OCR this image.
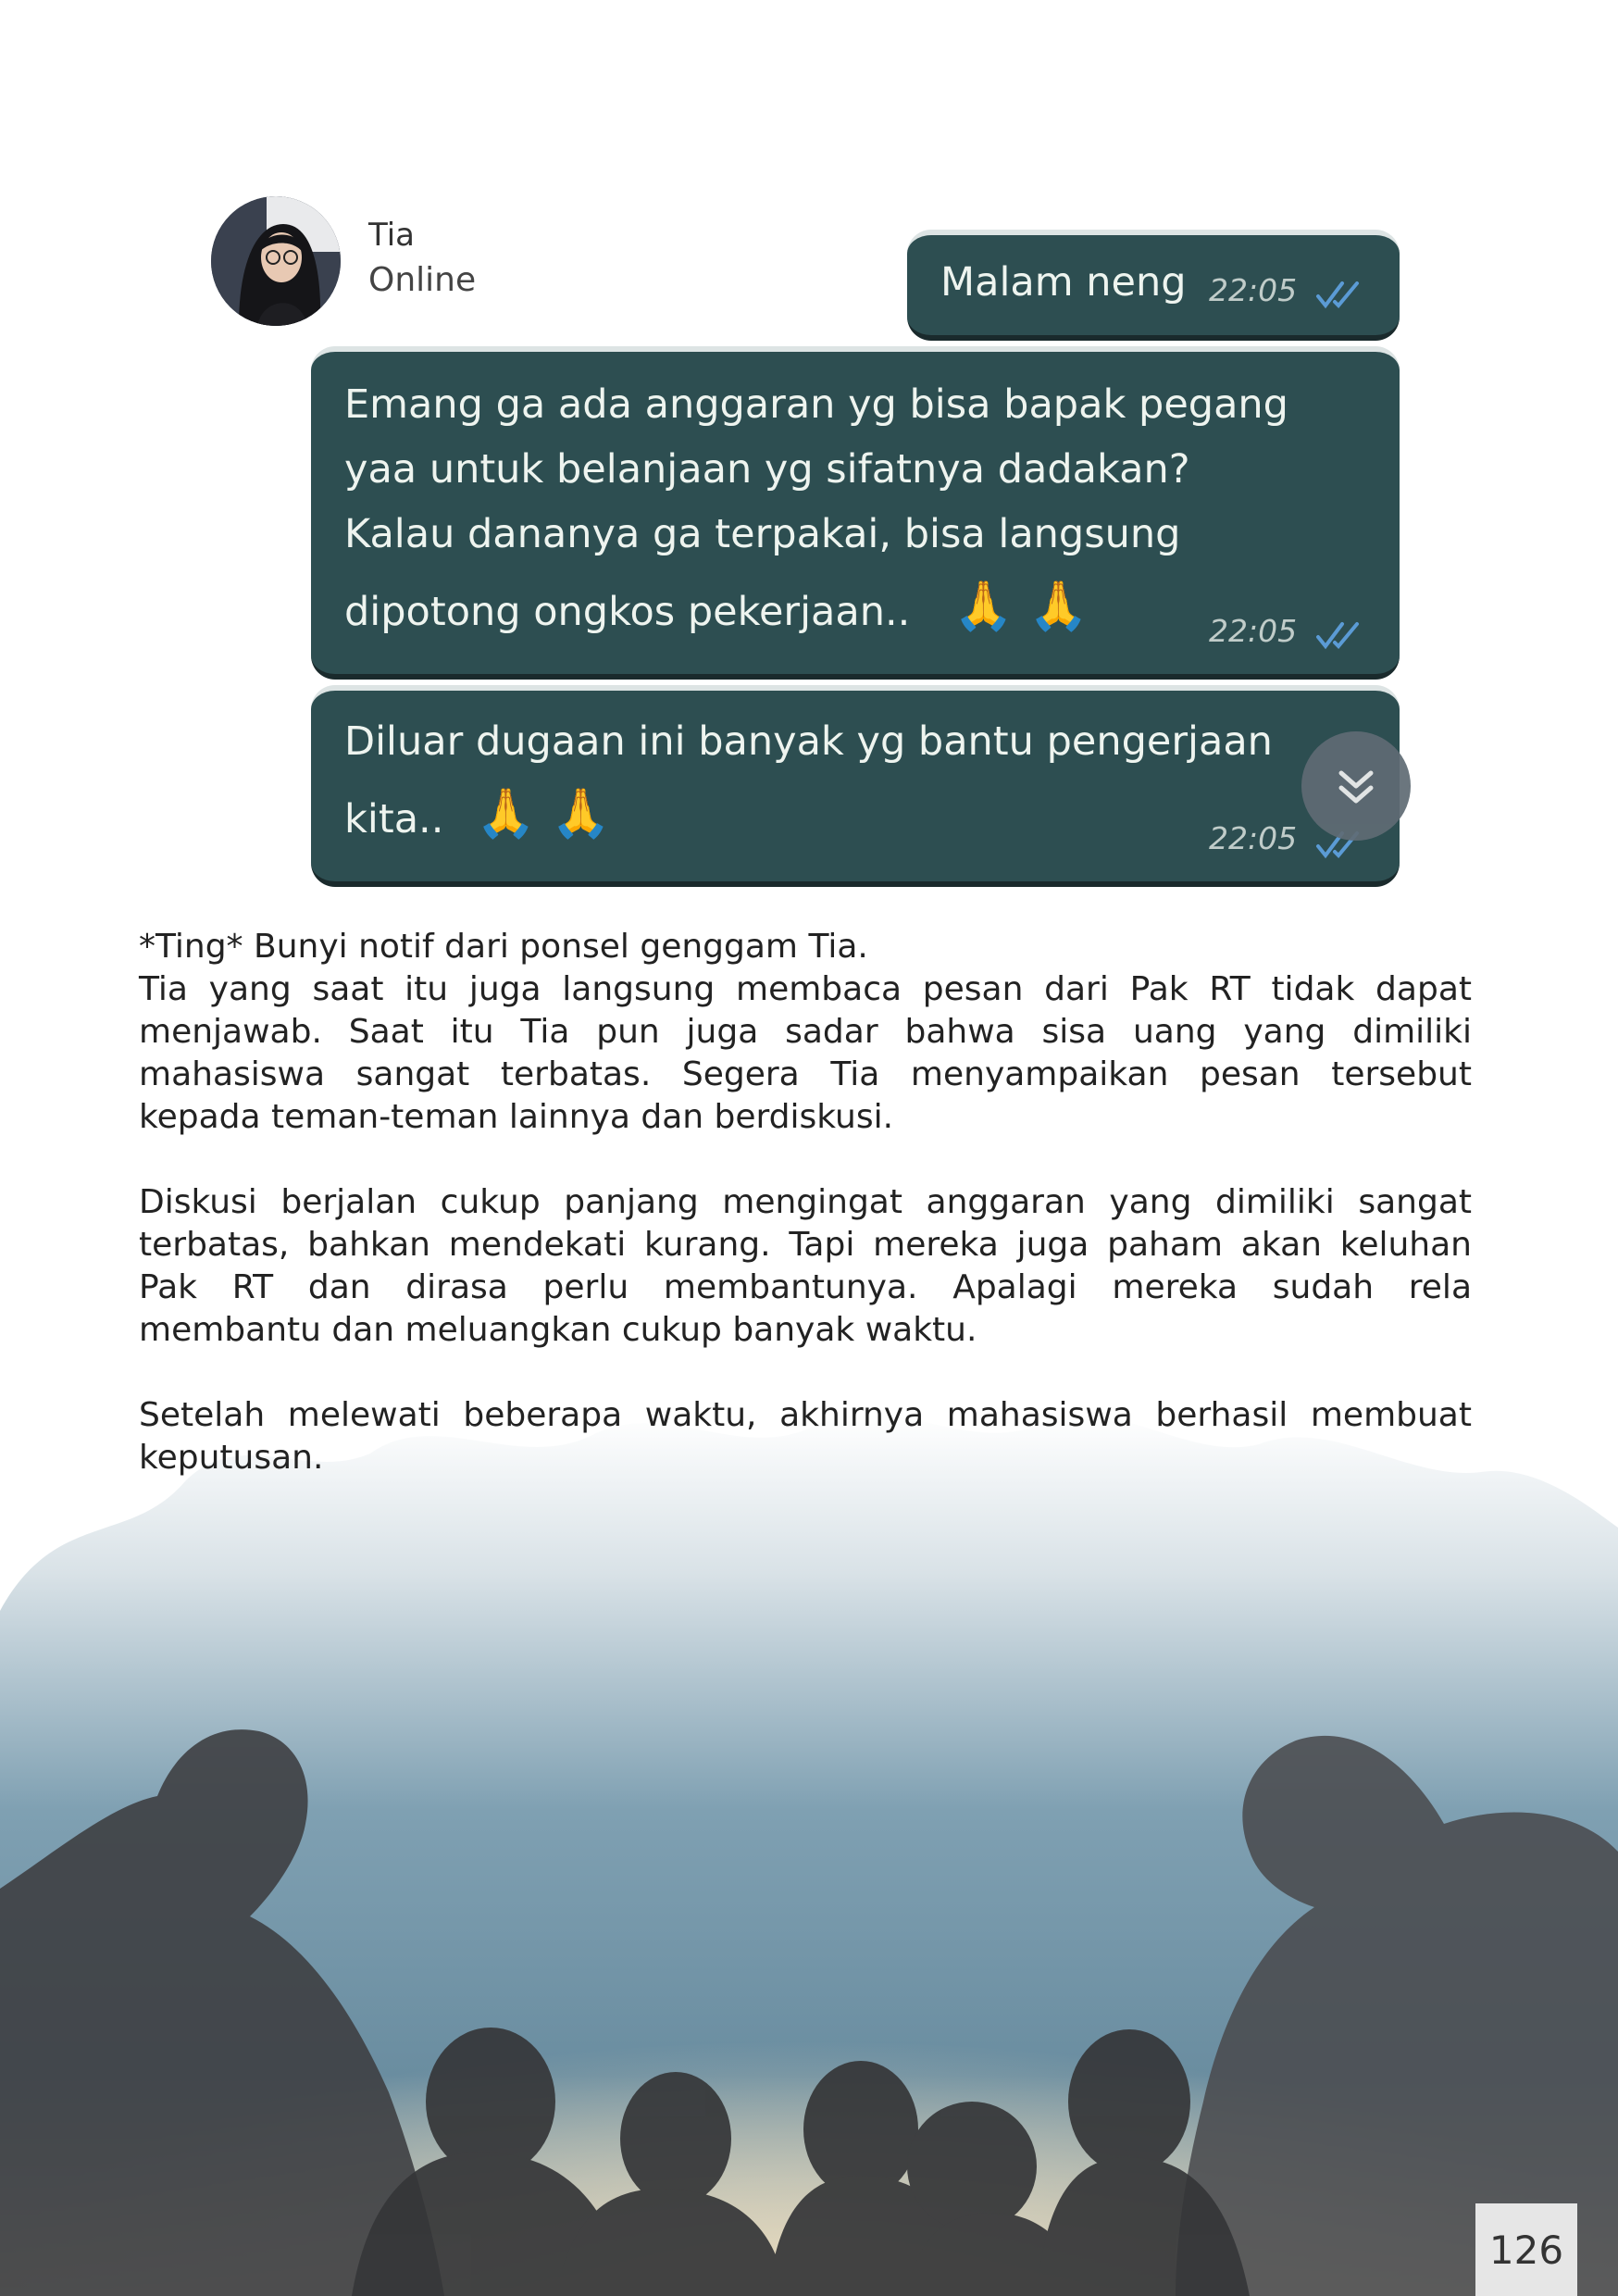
Tia
Online	Malam neng 22:05
Emang ga ada anggaran yg bisa bapak pegang
yaa untuk belanjaan yg sifatnya dadakan?
Kalau dananya ga terpakai, bisa langsung
dipotong ongkos pekerjaan.. 🙏 🙏	22:05
Diluar dugaan ini banyak yg bantu pengerjaan
kita.. 🙏 🙏	22:05
*Ting* Bunyi notif dari ponsel genggam Tia.
Tia yang saat itu juga langsung membaca pesan dari Pak RT tidak dapat
menjawab. Saat itu Tia pun juga sadar bahwa sisa uang yang dimiliki
mahasiswa sangat terbatas. Segera Tia menyampaikan pesan tersebut
kepada teman-teman lainnya dan berdiskusi.
Diskusi berjalan cukup panjang mengingat anggaran yang dimiliki sangat
terbatas, bahkan mendekati kurang. Tapi mereka juga paham akan keluhan
Pak RT dan dirasa perlu membantunya. Apalagi mereka sudah rela
membantu dan meluangkan cukup banyak waktu.
Setelah melewati beberapa waktu, akhirnya mahasiswa berhasil membuat
keputusan.
126
